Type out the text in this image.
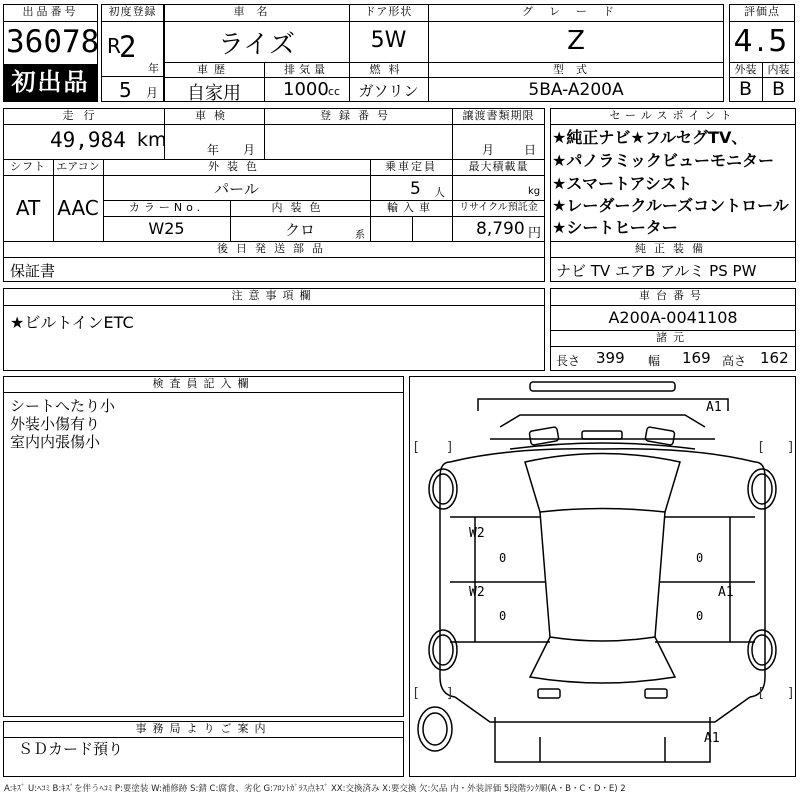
出品番号
36078
初出品
初度登録
R
2
年
5 月
車名
ライズ
ドア形状
5W
グレード
Z
車歴
自家用
排気量
1000 cc
燃料
ガソリン
型式
5BA-A200A
評価点
4.5
外装	内装
B	B
走行
49,984 km
車検
年 月
登録番号	譲渡書類期限
月 日
シフト
AT
エアコン
AAC
外装色
パール
乗車定員
5 人
最大積載量
kg
カラーNo.
W25
内装色
クロ	系
輸入車	リサイクル預託金
8,790 円
後日発送部品
保証書
セールスポイント
★純正ナビ★フルセグTV、
★パノラミックビューモニター
★スマートアシスト
★レーダークルーズコントロール
★シートヒーター
純正装備
ナビ TV エアB アルミ PS PW
注意事項欄
★ビルトインETC
車台番号
A200A-0041108
諸元
長さ 399 幅 169 高さ 162
検査員記入欄
シートへたり小
外装小傷有り
室内内張傷小
事務局よりご案内
ＳＤカード預り
[ ]	[ ]
[ ]	[ ]
A1
W2
W2	A1
A1
0	0
0	0
A:ｷｽﾞ U:ﾍｺﾐ B:ｷｽﾞを伴うﾍｺﾐ P:要塗装 W:補修跡 S:錆 C:腐食、劣化 G:ﾌﾛﾝﾄｶﾞﾗｽ点ｷｽﾞ XX:交換済み X:要交換 欠:欠品 内・外装評価 5段階ﾗﾝｸ順(A・B・C・D・E) 2
